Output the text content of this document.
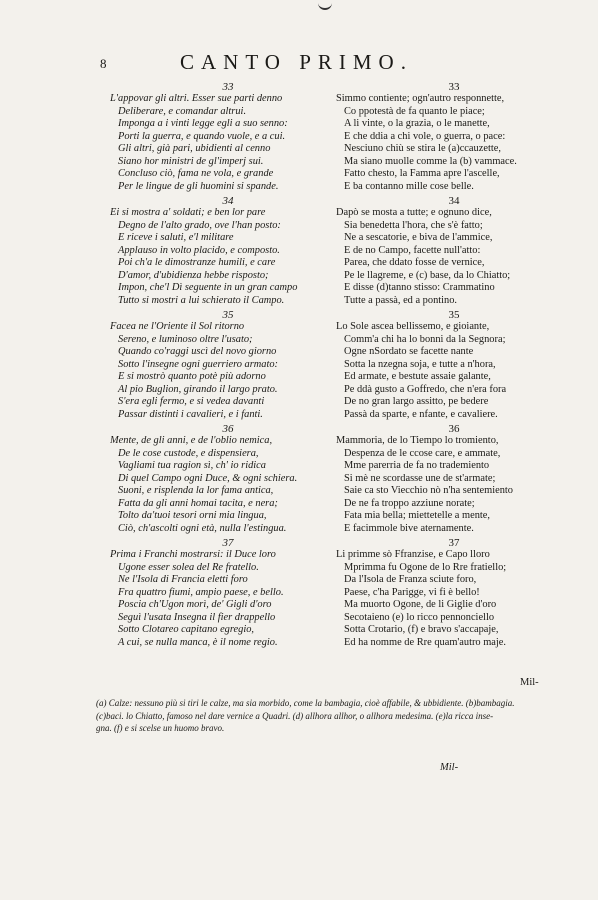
8	CANTO PRIMO.
33
L'appovar gli altri. Esser sue parti denno
Deliberare, e comandar altrui.
Imponga a i vinti legge egli a suo senno:
Porti la guerra, e quando vuole, e a cui.
Gli altri, già pari, ubidienti al cenno
Siano hor ministri de gl'imperj sui.
Concluso ciò, fama ne vola, e grande
Per le lingue de gli huomini si spande.
34
Ei si mostra a' soldati; e ben lor pare
Degno de l'alto grado, ove l'han posto:
E riceve i saluti, e'l militare
Applauso in volto placido, e composto.
Poi ch'a le dimostranze humili, e care
D'amor, d'ubidienza hebbe risposto;
Impon, che'l Dì seguente in un gran campo
Tutto si mostri a lui schierato il Campo.
35
Facea ne l'Oriente il Sol ritorno
Sereno, e luminoso oltre l'usato;
Quando co'raggi uscì del novo giorno
Sotto l'insegne ogni guerriero armato:
E si mostrò quanto potè più adorno
Al pio Buglion, girando il largo prato.
S'era egli fermo, e si vedea davanti
Passar distinti i cavalieri, e i fanti.
36
Mente, de gli anni, e de l'oblio nemica,
De le cose custode, e dispensiera,
Vagliami tua ragion sì, ch' io ridica
Di quel Campo ogni Duce, & ogni schiera.
Suoni, e risplenda la lor fama antica,
Fatta da gli anni homai tacita, e nera;
Tolto da'tuoi tesori orni mia lingua,
Ciò, ch'ascolti ogni età, nulla l'estingua.
37
Prima i Franchi mostrarsi: il Duce loro
Ugone esser solea del Re fratello.
Ne l'Isola di Francia eletti foro
Fra quattro fiumi, ampio paese, e bello.
Poscia ch'Ugon morì, de' Gigli d'oro
Seguì l'usata Insegna il fier drappello
Sotto Clotareo capitano egregio,
A cui, se nulla manca, è il nome regio.
33
Simmo contiente; ogn'autro responnette,
Co ppotestà de fa quanto le piace;
A li vinte, o la grazia, o le manette,
E che ddia a chi vole, o guerra, o pace:
Nesciuno chiù se stira le (a)ccauzette,
Ma siano muolle comme la (b) vammace.
Fatto chesto, la Famma apre l'ascelle,
E ba contanno mille cose belle.
34
Dapò se mosta a tutte; e ognuno dice,
Sia benedetta l'hora, che s'è fatto;
Ne a sescatorie, e biva de l'ammice,
E de no Campo, facette null'atto:
Parea, che ddato fosse de vernice,
Pe le llagreme, e (c) base, da lo Chiatto;
E disse (d)tanno stisso: Crammatino
Tutte a passà, ed a pontino.
35
Lo Sole ascea bellissemo, e gioiante,
Comm'a chi ha lo bonni da la Segnora;
Ogne nSordato se facette nante
Sotta la nzegna soja, e tutte a n'hora,
Ed armate, e bestute assaie galante,
Pe ddà gusto a Goffredo, che n'era fora
De no gran largo assitto, pe bedere
Passà da sparte, e nfante, e cavaliere.
36
Mammoria, de lo Tiempo lo tromiento,
Despenza de le ccose care, e ammate,
Mme parerria de fa no trademiento
Si mè ne scordasse une de st'armate;
Saie ca sto Viecchio nò n'ha sentemiento
De ne fa troppo azziune norate;
Fata mia bella; miettetelle a mente,
E facimmole bive aternamente.
37
Li primme sò Ffranzise, e Capo lloro
Mprimma fu Ogone de lo Rre fratiello;
Da l'Isola de Franza sciute foro,
Paese, c'ha Parigge, vi fi è bello!
Ma muorto Ogone, de li Giglie d'oro
Secotaieno (e) lo ricco pennonciello
Sotta Crotario, (f) e bravo s'accapaje,
Ed ha nomme de Rre quam'autro maje.
Mil-
(a) Calze: nessuno più si tiri le calze, ma sia morbido, come la bambagia, cioè affabile, & ubbidiente. (b)bambagia.
(c)baci. lo Chiatto, famoso nel dare vernice a Quadri. (d) allhora allhor, o allhora medesima. (e)la ricca inse-
gna. (f) e si scelse un huomo bravo.
Mil-
